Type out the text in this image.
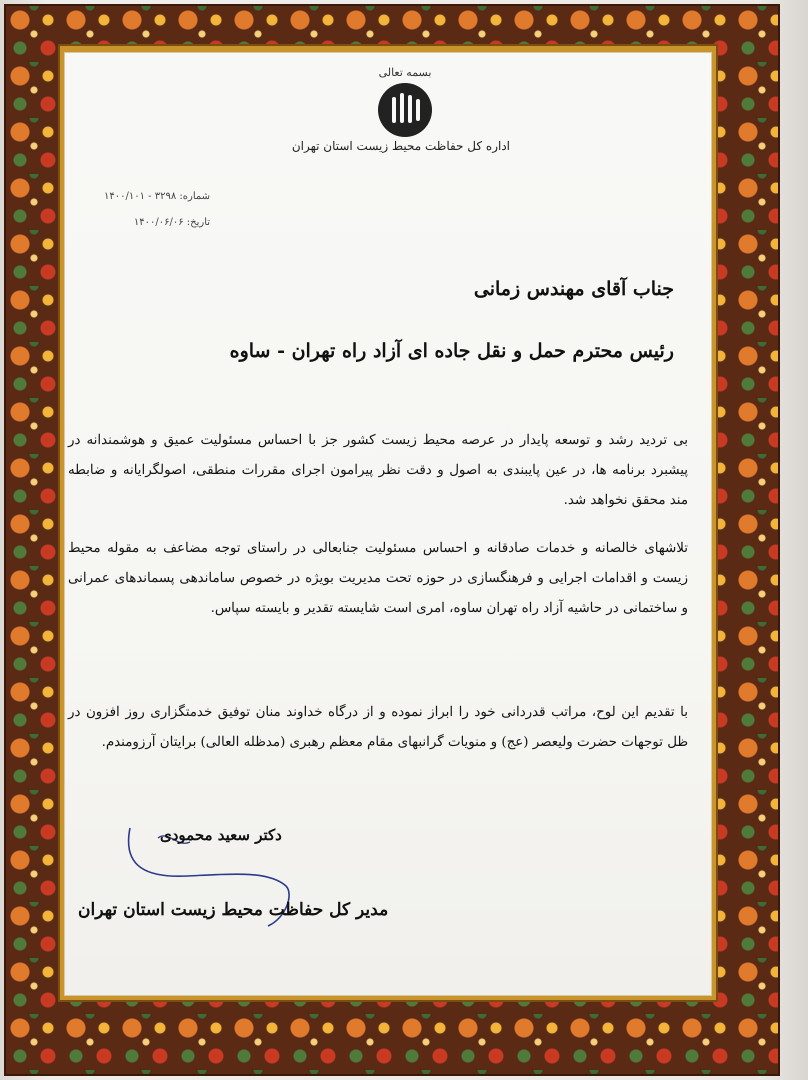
بسمه تعالی
اداره کل حفاظت محیط زیست استان تهران
شماره: ۳۲۹۸ - ۱۴۰۰/۱۰۱
تاریخ: ۱۴۰۰/۰۶/۰۶
جناب آقای مهندس زمانی
رئیس محترم حمل و نقل جاده ای آزاد راه تهران - ساوه
بی تردید رشد و توسعه پایدار در عرصه محیط زیست کشور جز با احساس مسئولیت عمیق و هوشمندانه در پیشبرد برنامه ها، در عین پایبندی به اصول و دقت نظر پیرامون اجرای مقررات منطقی، اصولگرایانه و ضابطه مند محقق نخواهد شد.
تلاشهای خالصانه و خدمات صادقانه و احساس مسئولیت جنابعالی در راستای توجه مضاعف به مقوله محیط زیست و اقدامات اجرایی و فرهنگسازی در حوزه تحت مدیریت بویژه در خصوص ساماندهی پسماندهای عمرانی و ساختمانی در حاشیه آزاد راه تهران ساوه، امری است شایسته تقدیر و بایسته سپاس.
با تقدیم این لوح، مراتب قدردانی خود را ابراز نموده و از درگاه خداوند منان توفیق خدمتگزاری روز افزون در ظل توجهات حضرت ولیعصر (عج) و منویات گرانبهای مقام معظم رهبری (مدظله العالی) برایتان آرزومندم.
دکتر سعید محمودی
مدیر کل حفاظت محیط زیست استان تهران
